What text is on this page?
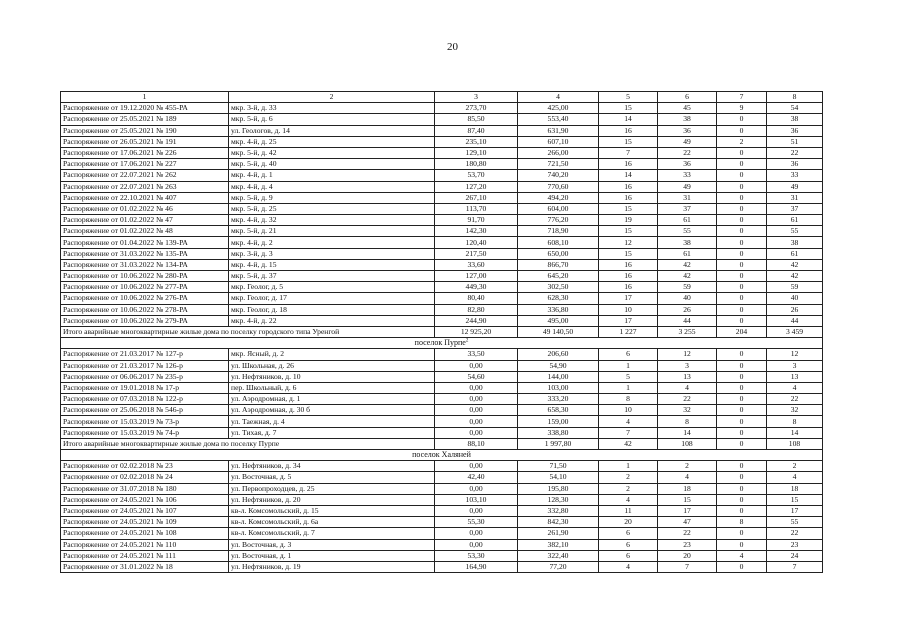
20
1	2	3	4	5	6	7	8
Распоряжение от 19.12.2020 № 455-РА	мкр. 3-й, д. 33	273,70	425,00	15	45	9	54
Распоряжение от 25.05.2021 № 189	мкр. 5-й, д. 6	85,50	553,40	14	38	0	38
Распоряжение от 25.05.2021 № 190	ул. Геологов, д. 14	87,40	631,90	16	36	0	36
Распоряжение от 26.05.2021 № 191	мкр. 4-й, д. 25	235,10	607,10	15	49	2	51
Распоряжение от 17.06.2021 № 226	мкр. 5-й, д. 42	129,10	266,00	7	22	0	22
Распоряжение от 17.06.2021 № 227	мкр. 5-й, д. 40	180,80	721,50	16	36	0	36
Распоряжение от 22.07.2021 № 262	мкр. 4-й, д. 1	53,70	740,20	14	33	0	33
Распоряжение от 22.07.2021 № 263	мкр. 4-й, д. 4	127,20	770,60	16	49	0	49
Распоряжение от 22.10.2021 № 407	мкр. 5-й, д. 9	267,10	494,20	16	31	0	31
Распоряжение от 01.02.2022 № 46	мкр. 5-й, д. 25	113,70	604,00	15	37	0	37
Распоряжение от 01.02.2022 № 47	мкр. 4-й, д. 32	91,70	776,20	19	61	0	61
Распоряжение от 01.02.2022 № 48	мкр. 5-й, д. 21	142,30	718,90	15	55	0	55
Распоряжение от 01.04.2022 № 139-РА	мкр. 4-й, д. 2	120,40	608,10	12	38	0	38
Распоряжение от 31.03.2022 № 135-РА	мкр. 3-й, д. 3	217,50	650,00	15	61	0	61
Распоряжение от 31.03.2022 № 134-РА	мкр. 4-й, д. 15	33,60	866,70	16	42	0	42
Распоряжение от 10.06.2022 № 280-РА	мкр. 5-й, д. 37	127,00	645,20	16	42	0	42
Распоряжение от 10.06.2022 № 277-РА	мкр. Геолог, д. 5	449,30	302,50	16	59	0	59
Распоряжение от 10.06.2022 № 276-РА	мкр. Геолог, д. 17	80,40	628,30	17	40	0	40
Распоряжение от 10.06.2022 № 278-РА	мкр. Геолог, д. 18	82,80	336,80	10	26	0	26
Распоряжение от 10.06.2022 № 279-РА	мкр. 4-й, д. 22	244,90	495,00	17	44	0	44
Итого аварийные многоквартирные жилые дома по поселку городского типа Уренгой		12 925,20	49 140,50	1 227	3 255	204	3 459
поселок Пурпе$^2$
Распоряжение от 21.03.2017 № 127-р	мкр. Ясный, д. 2	33,50	206,60	6	12	0	12
Распоряжение от 21.03.2017 № 126-р	ул. Школьная, д. 26	0,00	54,90	1	3	0	3
Распоряжение от 06.06.2017 № 235-р	ул. Нефтяников, д. 10	54,60	144,00	5	13	0	13
Распоряжение от 19.01.2018 № 17-р	пер. Школьный, д. 6	0,00	103,00	1	4	0	4
Распоряжение от 07.03.2018 № 122-р	ул. Аэродромная, д. 1	0,00	333,20	8	22	0	22
Распоряжение от 25.06.2018 № 546-р	ул. Аэродромная, д. 30 б	0,00	658,30	10	32	0	32
Распоряжение от 15.03.2019 № 73-р	ул. Таежная, д. 4	0,00	159,00	4	8	0	8
Распоряжение от 15.03.2019 № 74-р	ул. Тихая, д. 7	0,00	338,80	7	14	0	14
Итого аварийные многоквартирные жилые дома по поселку Пурпе		88,10	1 997,80	42	108	0	108
поселок Халяней							
Распоряжение от 02.02.2018 № 23	ул. Нефтяников, д. 34	0,00	71,50	1	2	0	2
Распоряжение от 02.02.2018 № 24	ул. Восточная, д. 5	42,40	54,10	2	4	0	4
Распоряжение от 31.07.2018 № 180	ул. Первопроходцев, д. 25	0,00	195,80	2	18	0	18
Распоряжение от 24.05.2021 № 106	ул. Нефтяников, д. 20	103,10	128,30	4	15	0	15
Распоряжение от 24.05.2021 № 107	кв-л. Комсомольский, д. 15	0,00	332,80	11	17	0	17
Распоряжение от 24.05.2021 № 109	кв-л. Комсомольский, д. 6а	55,30	842,30	20	47	8	55
Распоряжение от 24.05.2021 № 108	кв-л. Комсомольский, д. 7	0,00	261,90	6	22	0	22
Распоряжение от 24.05.2021 № 110	ул. Восточная, д. 3	0,00	382,10	6	23	0	23
Распоряжение от 24.05.2021 № 111	ул. Восточная, д. 1	53,30	322,40	6	20	4	24
Распоряжение от 31.01.2022 № 18	ул. Нефтяников, д. 19	164,90	77,20	4	7	0	7
